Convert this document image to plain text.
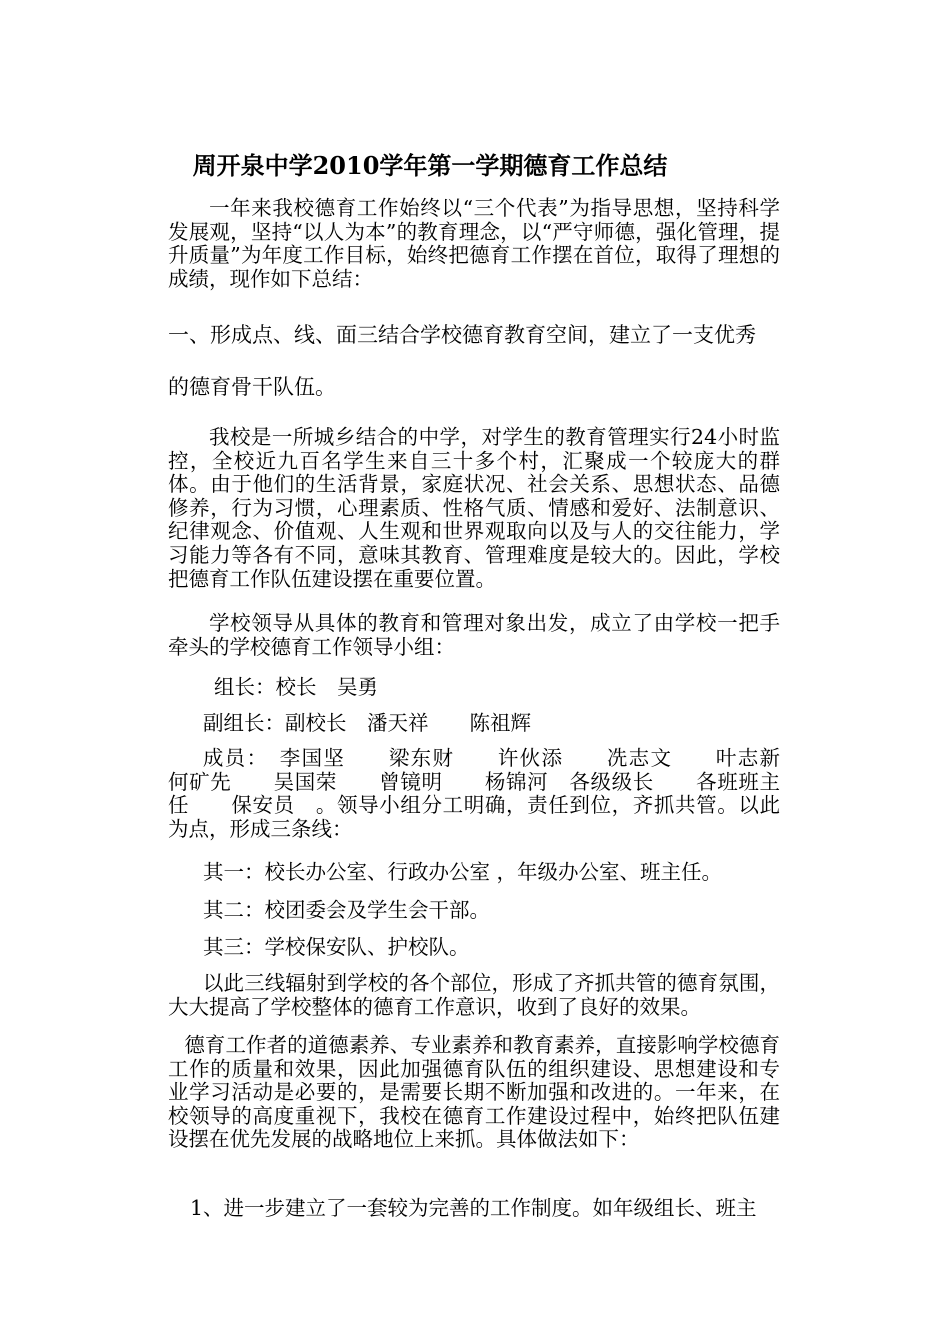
周开泉中学2010学年第一学期德育工作总结
一年来我校德育工作始终以“三个代表”为指导思想，坚持科学发展观，坚持“以人为本”的教育理念，以“严守师德，强化管理，提升质量”为年度工作目标，始终把德育工作摆在首位，取得了理想的成绩，现作如下总结：
一、形成点、线、面三结合学校德育教育空间，建立了一支优秀
的德育骨干队伍。
我校是一所城乡结合的中学，对学生的教育管理实行24小时监控，全校近九百名学生来自三十多个村，汇聚成一个较庞大的群体。由于他们的生活背景，家庭状况、社会关系、思想状态、品德修养，行为习惯，心理素质、性格气质、情感和爱好、法制意识、纪律观念、价值观、人生观和世界观取向以及与人的交往能力，学习能力等各有不同，意味其教育、管理难度是较大的。因此，学校把德育工作队伍建设摆在重要位置。
学校领导从具体的教育和管理对象出发，成立了由学校一把手牵头的学校德育工作领导小组：
组长：校长　吴勇
副组长：副校长　潘天祥　　陈祖辉
成员：　李国坚　　梁东财　　许伙添　　冼志文　　叶志新　何矿先　　吴国荣　　曾镜明　　杨锦河　各级级长　　各班班主任　　保安员　。领导小组分工明确，责任到位，齐抓共管。以此为点，形成三条线：
其一：校长办公室、行政办公室 ，年级办公室、班主任。
其二：校团委会及学生会干部。
其三：学校保安队、护校队。
以此三线辐射到学校的各个部位，形成了齐抓共管的德育氛围，大大提高了学校整体的德育工作意识，收到了良好的效果。
德育工作者的道德素养、专业素养和教育素养，直接影响学校德育工作的质量和效果，因此加强德育队伍的组织建设、思想建设和专业学习活动是必要的，是需要长期不断加强和改进的。一年来，在校领导的高度重视下，我校在德育工作建设过程中，始终把队伍建设摆在优先发展的战略地位上来抓。具体做法如下：
1、进一步建立了一套较为完善的工作制度。如年级组长、班主
